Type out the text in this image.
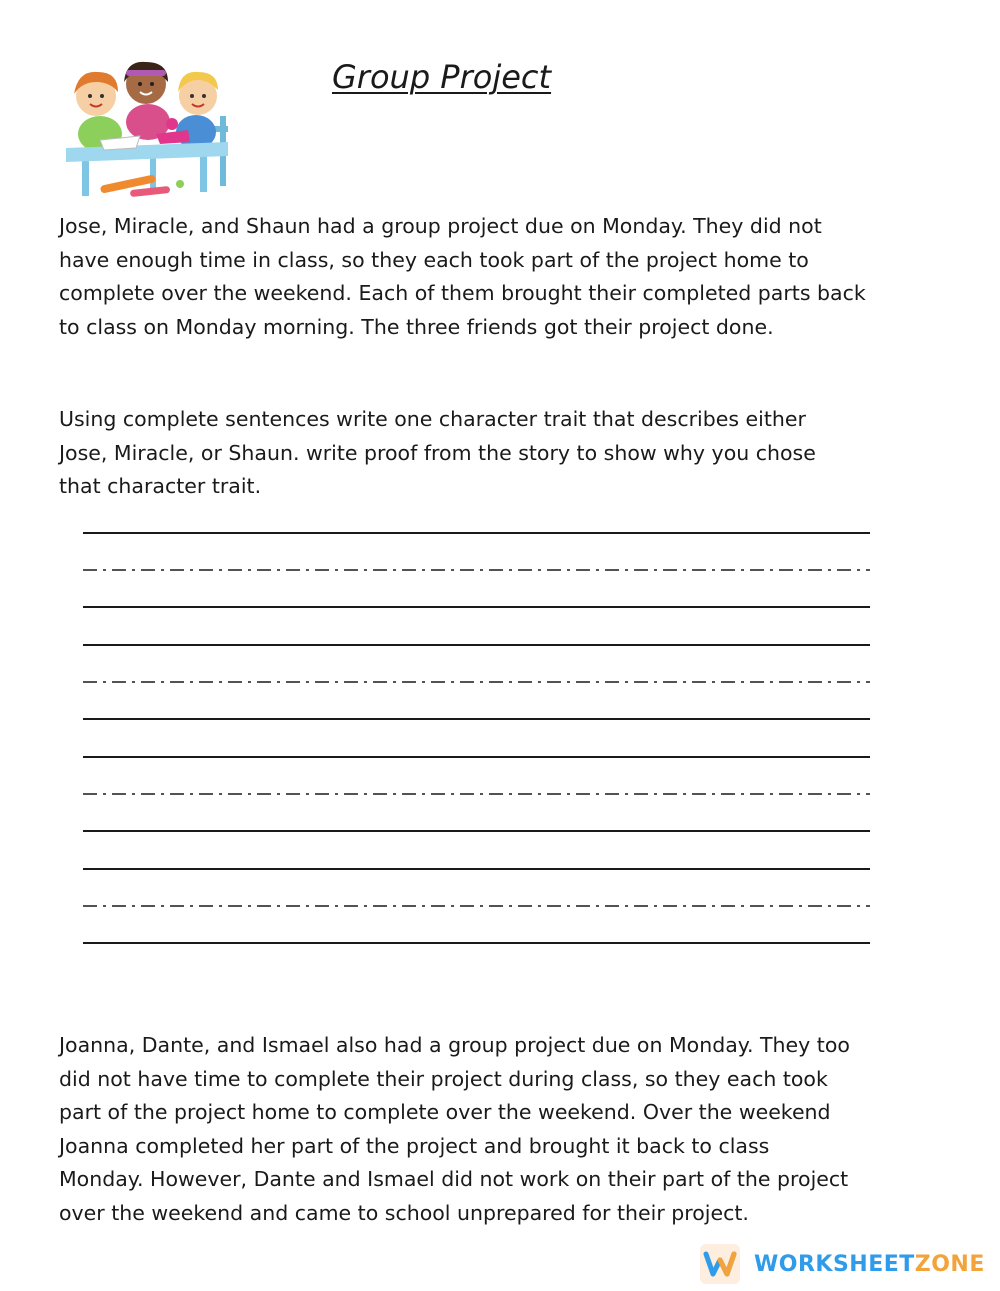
Group Project
Jose, Miracle, and Shaun had a group project due on Monday. They did not
have enough time in class, so they each took part of the project home to
complete over the weekend. Each of them brought their completed parts back
to class on Monday morning. The three friends got their project done.
Using complete sentences write one character trait that describes either
Jose, Miracle, or Shaun. write proof from the story to show why you chose
that character trait.
Joanna, Dante, and Ismael also had a group project due on Monday. They too
did not have time to complete their project during class, so they each took
part of the project home to complete over the weekend. Over the weekend
Joanna completed her part of the project and brought it back to class
Monday. However, Dante and Ismael did not work on their part of the project
over the weekend and came to school unprepared for their project.
WORKSHEETZONE
